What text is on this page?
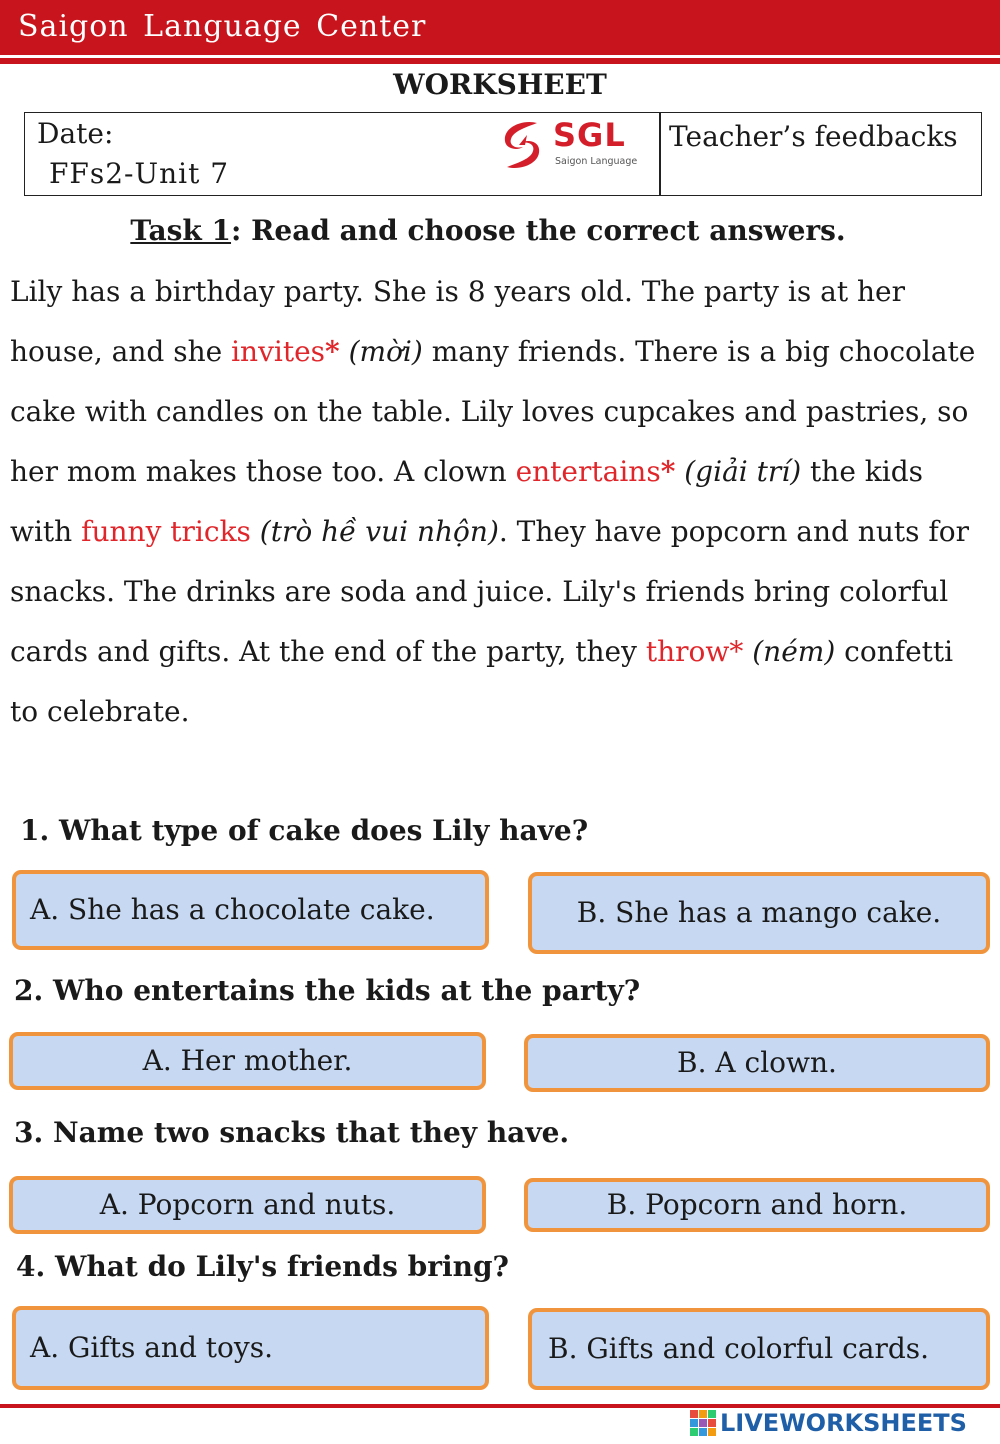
Saigon Language Center
WORKSHEET
Date:
FFs2-Unit 7
SGL
Saigon Language
Teacher’s feedbacks
Task 1: Read and choose the correct answers.
Lily has a birthday party. She is 8 years old. The party is at her house, and she invites* (mời) many friends. There is a big chocolate cake with candles on the table. Lily loves cupcakes and pastries, so her mom makes those too. A clown entertains* (giải trí) the kids with funny tricks (trò hề vui nhộn). They have popcorn and nuts for snacks. The drinks are soda and juice. Lily's friends bring colorful cards and gifts. At the end of the party, they throw* (ném) confetti to celebrate.
1. What type of cake does Lily have?
A. She has a chocolate cake.	B. She has a mango cake.
2. Who entertains the kids at the party?
A. Her mother.	B. A clown.
3. Name two snacks that they have.
A. Popcorn and nuts.	B. Popcorn and horn.
4. What do Lily's friends bring?
A. Gifts and toys.	B. Gifts and colorful cards.
LIVEWORKSHEETS
